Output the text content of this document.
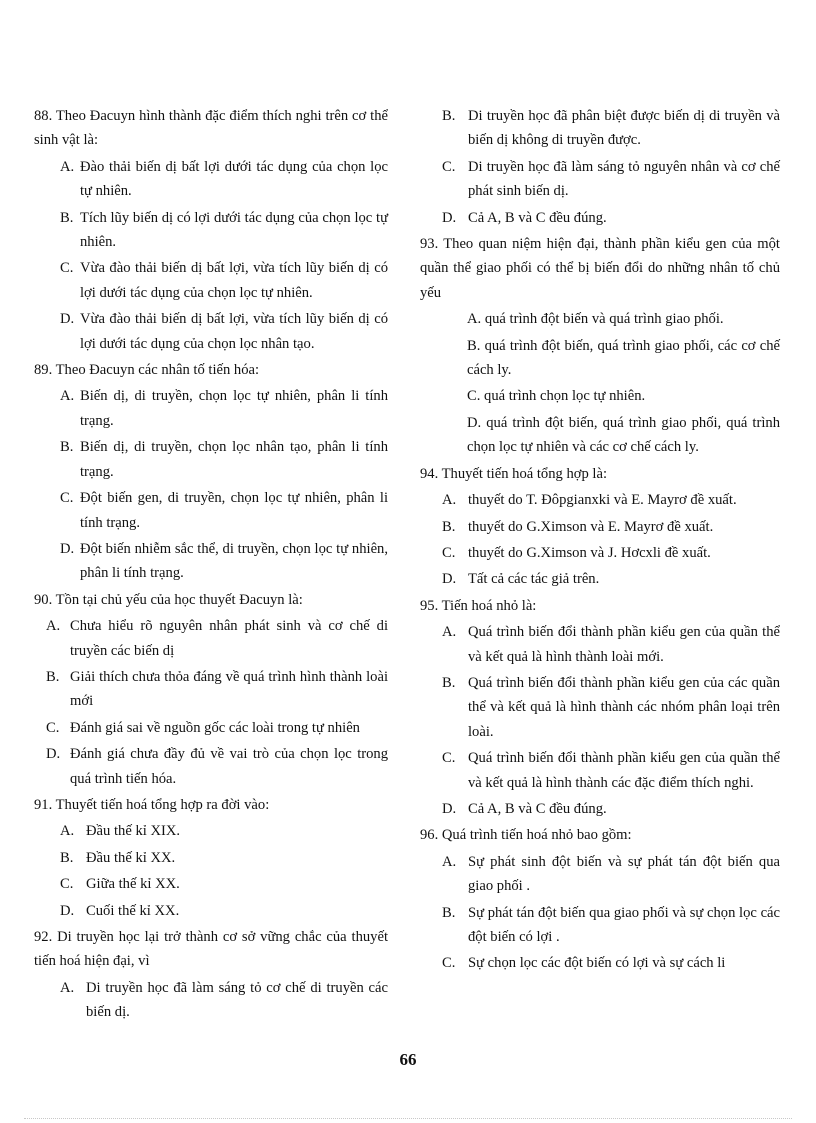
88. Theo Đacuyn hình thành đặc điểm thích nghi trên cơ thể sinh vật là:

A. Đào thải biến dị bất lợi dưới tác dụng của chọn lọc tự nhiên.
B. Tích lũy biến dị có lợi dưới tác dụng của chọn lọc tự nhiên.
C. Vừa đào thải biến dị bất lợi, vừa tích lũy biến dị có lợi dưới tác dụng của chọn lọc tự nhiên.
D. Vừa đào thải biến dị bất lợi, vừa tích lũy biến dị có lợi dưới tác dụng của chọn lọc nhân tạo.

89. Theo Đacuyn các nhân tố tiến hóa:

A. Biến dị, di truyền, chọn lọc tự nhiên, phân li tính trạng.
B. Biến dị, di truyền, chọn lọc nhân tạo, phân li tính trạng.
C. Đột biến gen, di truyền, chọn lọc tự nhiên, phân li tính trạng.
D. Đột biến nhiễm sắc thể, di truyền, chọn lọc tự nhiên, phân li tính trạng.

90. Tồn tại chủ yếu của học thuyết Đacuyn là:

A. Chưa hiểu rõ nguyên nhân phát sinh và cơ chế di truyền các biến dị
B. Giải thích chưa thỏa đáng về quá trình hình thành loài mới
C. Đánh giá sai về nguồn gốc các loài trong tự nhiên
D. Đánh giá chưa đầy đủ về vai trò của chọn lọc trong quá trình tiến hóa.

91. Thuyết tiến hoá tổng hợp ra đời vào:

A. Đầu thế kỉ XIX.
B. Đầu thế kỉ XX.
C. Giữa thế kỉ XX.
D. Cuối thế kỉ XX.

92. Di truyền học lại trở thành cơ sở vững chắc của thuyết tiến hoá hiện đại, vì

A. Di truyền học đã làm sáng tỏ cơ chế di truyền các biến dị.
B. Di truyền học đã phân biệt được biến dị di truyền và biến dị không di truyền được.
C. Di truyền học đã làm sáng tỏ nguyên nhân và cơ chế phát sinh biến dị.
D. Cả A, B và C đều đúng.

93. Theo quan niệm hiện đại, thành phần kiểu gen của một quần thể giao phối có thể bị biến đổi do những nhân tố chủ yếu

A. quá trình đột biến và quá trình giao phối.
B. quá trình đột biến, quá trình giao phối, các cơ chế cách ly.
C. quá trình chọn lọc tự nhiên.
D. quá trình đột biến, quá trình giao phối, quá trình chọn lọc tự nhiên và các cơ chế cách ly.

94. Thuyết tiến hoá tổng hợp là:

A. thuyết do T. Đôpgianxki và E. Mayrơ đề xuất.
B. thuyết do G.Ximson và E. Mayrơ đề xuất.
C. thuyết do G.Ximson và J. Hơcxli đề xuất.
D. Tất cả các tác giả trên.

95. Tiến hoá nhỏ là:

A. Quá trình biến đổi thành phần kiểu gen của quần thể và kết quả là hình thành loài mới.
B. Quá trình biến đổi thành phần kiểu gen của các quần thể và kết quả là hình thành các nhóm phân loại trên loài.
C. Quá trình biến đổi thành phần kiểu gen của quần thể và kết quả là hình thành các đặc điểm thích nghi.
D. Cả A, B và C đều đúng.

96. Quá trình tiến hoá nhỏ bao gồm:

A. Sự phát sinh đột biến và sự phát tán đột biến qua giao phối .
B. Sự phát tán đột biến qua giao phối và sự chọn lọc các đột biến có lợi .
C. Sự chọn lọc các đột biến có lợi và sự cách li
66
